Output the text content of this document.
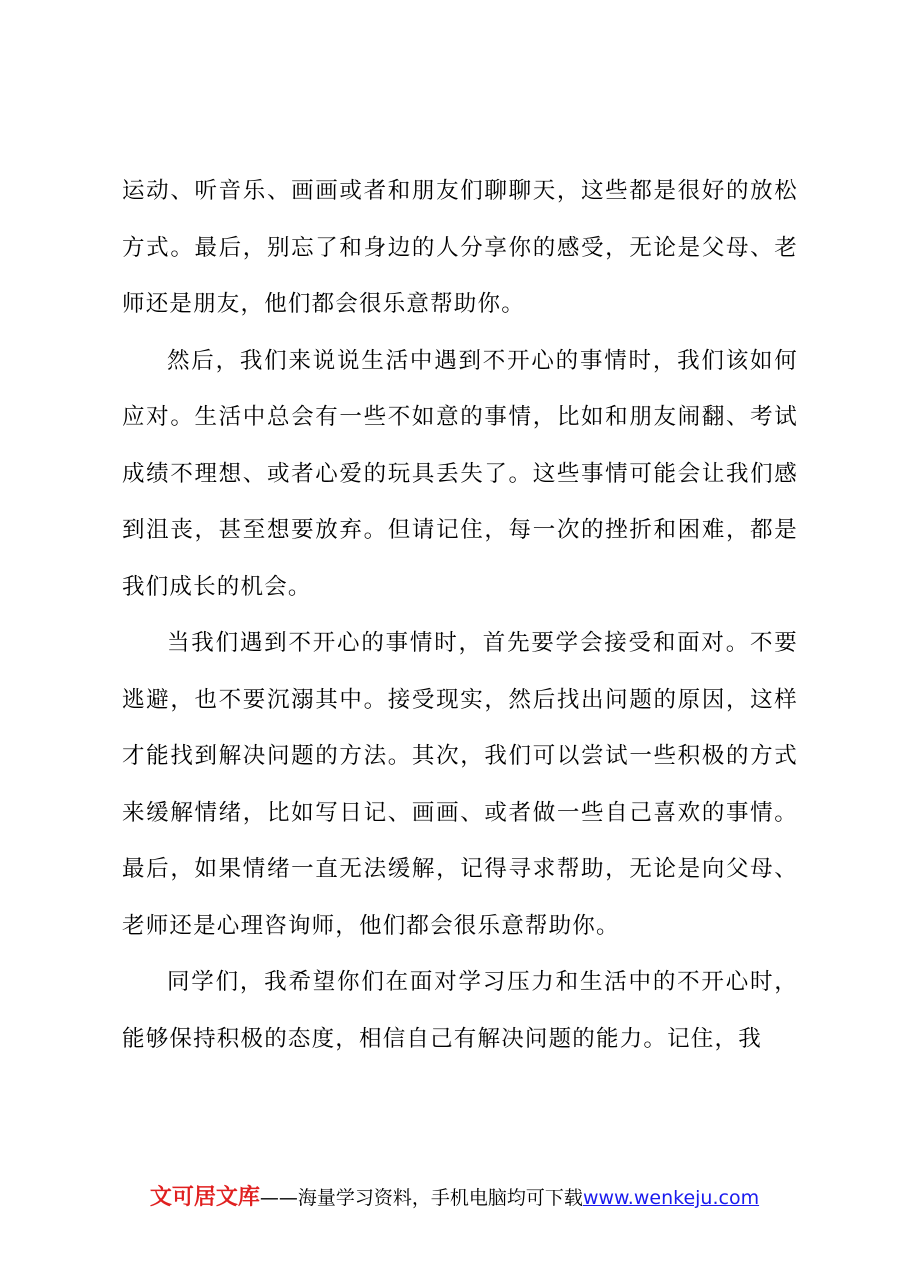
运动、听音乐、画画或者和朋友们聊聊天，这些都是很好的放松方式。最后，别忘了和身边的人分享你的感受，无论是父母、老师还是朋友，他们都会很乐意帮助你。

然后，我们来说说生活中遇到不开心的事情时，我们该如何应对。生活中总会有一些不如意的事情，比如和朋友闹翻、考试成绩不理想、或者心爱的玩具丢失了。这些事情可能会让我们感到沮丧，甚至想要放弃。但请记住，每一次的挫折和困难，都是我们成长的机会。

当我们遇到不开心的事情时，首先要学会接受和面对。不要逃避，也不要沉溺其中。接受现实，然后找出问题的原因，这样才能找到解决问题的方法。其次，我们可以尝试一些积极的方式来缓解情绪，比如写日记、画画、或者做一些自己喜欢的事情。最后，如果情绪一直无法缓解，记得寻求帮助，无论是向父母、老师还是心理咨询师，他们都会很乐意帮助你。

同学们，我希望你们在面对学习压力和生活中的不开心时，能够保持积极的态度，相信自己有解决问题的能力。记住，我

文可居文库——海量学习资料，手机电脑均可下载www.wenkeju.com
